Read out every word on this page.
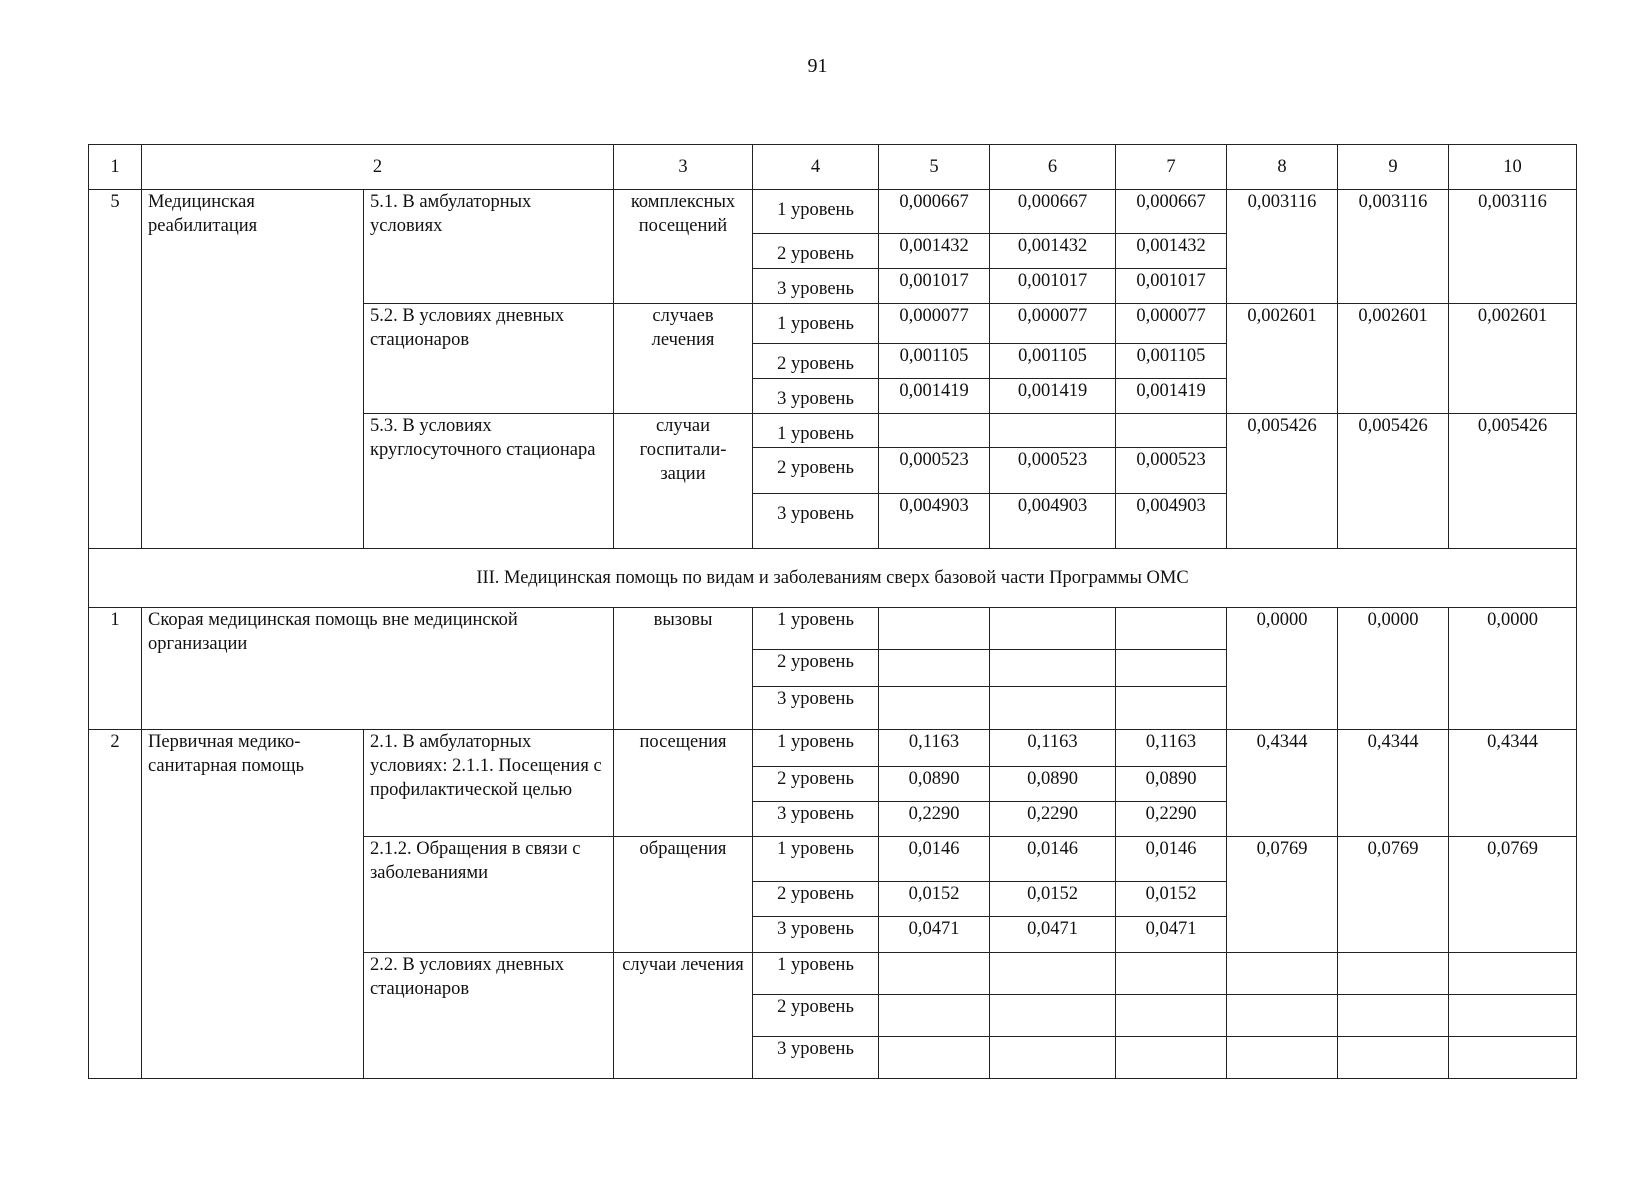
91
1	2		3	4	5	6	7	8	9	10
5	Медицинская реабилитация	5.1. В амбулаторных условиях	комплексных посещений	1 уровень	0,000667	0,000667	0,000667	0,003116	0,003116	0,003116
				2 уровень	0,001432	0,001432	0,001432			
				3 уровень	0,001017	0,001017	0,001017			
		5.2. В условиях дневных стационаров	случаев лечения	1 уровень	0,000077	0,000077	0,000077	0,002601	0,002601	0,002601
				2 уровень	0,001105	0,001105	0,001105			
				3 уровень	0,001419	0,001419	0,001419			
		5.3. В условиях круглосуточного стационара	случаи госпитали-зации	1 уровень				0,005426	0,005426	0,005426
				2 уровень	0,000523	0,000523	0,000523			
				3 уровень	0,004903	0,004903	0,004903			
III. Медицинская помощь по видам и заболеваниям сверх базовой части Программы ОМС										
1	Скорая медицинская помощь вне медицинской организации		вызовы	1 уровень				0,0000	0,0000	0,0000
				2 уровень						
				3 уровень						
2	Первичная медико-санитарная помощь	2.1. В амбулаторных условиях: 2.1.1. Посещения с профилактической целью	посещения	1 уровень	0,1163	0,1163	0,1163	0,4344	0,4344	0,4344
				2 уровень	0,0890	0,0890	0,0890			
				3 уровень	0,2290	0,2290	0,2290			
		2.1.2. Обращения в связи с заболеваниями	обращения	1 уровень	0,0146	0,0146	0,0146	0,0769	0,0769	0,0769
				2 уровень	0,0152	0,0152	0,0152			
				3 уровень	0,0471	0,0471	0,0471			
		2.2. В условиях дневных стационаров	случаи лечения	1 уровень						
				2 уровень						
				3 уровень						
